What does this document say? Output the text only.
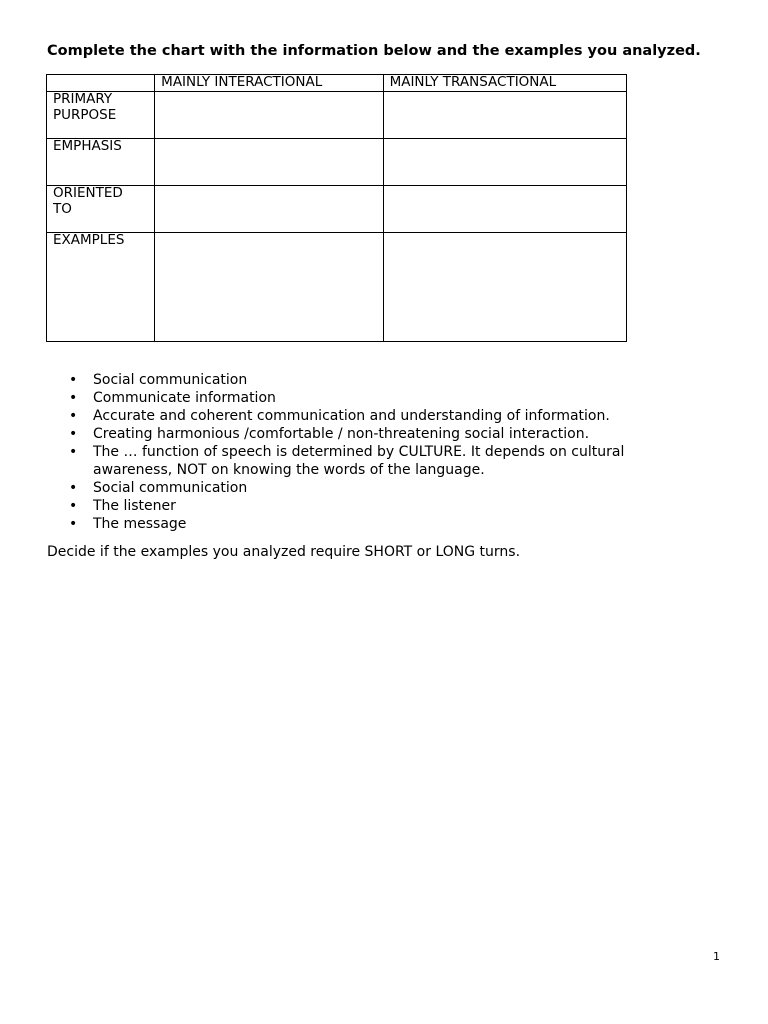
Complete the chart with the information below and the examples you analyzed.

	MAINLY INTERACTIONAL	MAINLY TRANSACTIONAL

PRIMARY PURPOSE		

EMPHASIS		

ORIENTED TO		

EXAMPLES		

• Social communication
• Communicate information
• Accurate and coherent communication and understanding of information.
• Creating harmonious /comfortable / non-threatening social interaction.
• The … function of speech is determined by CULTURE. It depends on cultural awareness, NOT on knowing the words of the language.
• Social communication
• The listener
• The message

Decide if the examples you analyzed require SHORT or LONG turns.

1
